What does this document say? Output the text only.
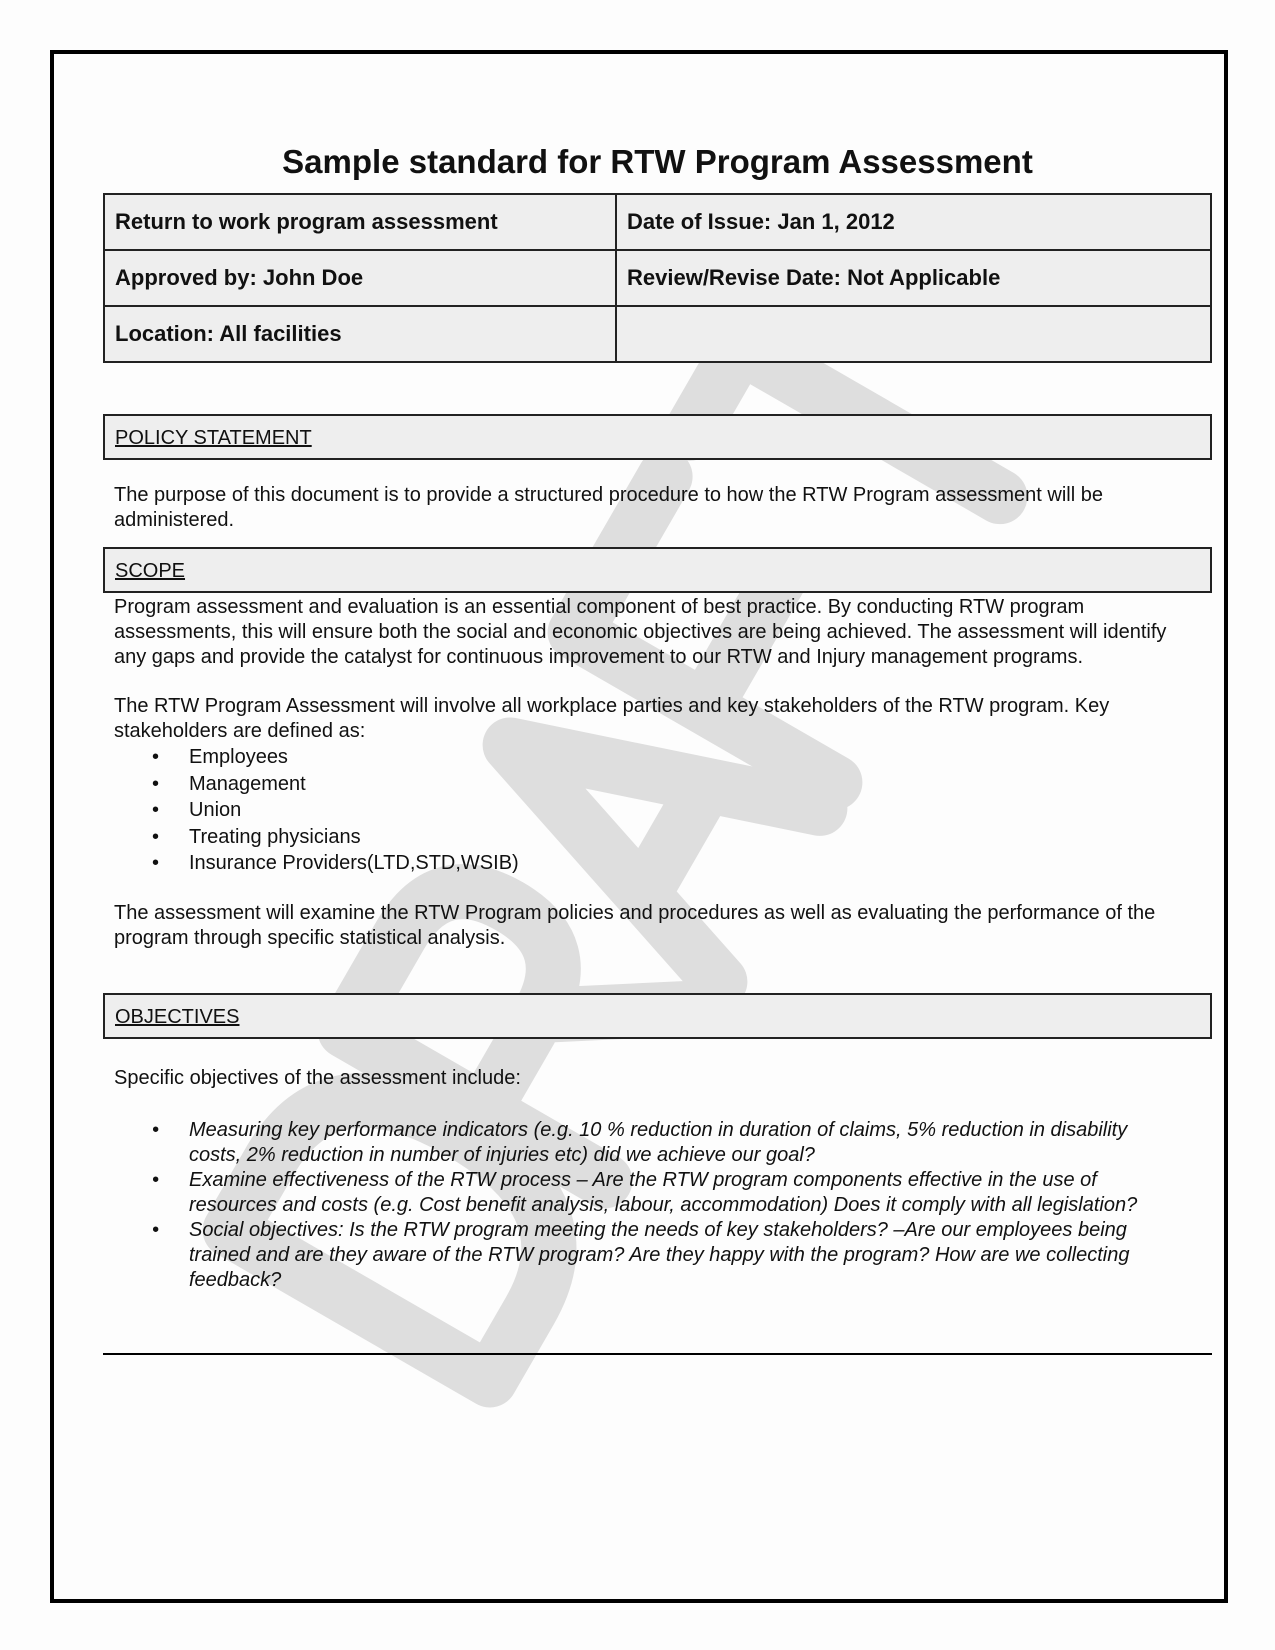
Sample standard for RTW Program Assessment
Return to work program assessment	Date of Issue: Jan 1, 2012
Approved by: John Doe	Review/Revise Date: Not Applicable
Location: All facilities	
POLICY STATEMENT
The purpose of this document is to provide a structured procedure to how the RTW Program assessment will be administered.
SCOPE
Program assessment and evaluation is an essential component of best practice. By conducting RTW program assessments, this will ensure both the social and economic objectives are being achieved. The assessment will identify any gaps and provide the catalyst for continuous improvement to our RTW and Injury management programs.
The RTW Program Assessment will involve all workplace parties and key stakeholders of the RTW program. Key stakeholders are defined as:
• Employees
• Management
• Union
• Treating physicians
• Insurance Providers(LTD,STD,WSIB)
The assessment will examine the RTW Program policies and procedures as well as evaluating the performance of the program through specific statistical analysis.
OBJECTIVES
Specific objectives of the assessment include:
• Measuring key performance indicators (e.g. 10 % reduction in duration of claims, 5% reduction in disability costs, 2% reduction in number of injuries etc) did we achieve our goal?
• Examine effectiveness of the RTW process – Are the RTW program components effective in the use of resources and costs (e.g. Cost benefit analysis, labour, accommodation) Does it comply with all legislation?
• Social objectives: Is the RTW program meeting the needs of key stakeholders? –Are our employees being trained and are they aware of the RTW program? Are they happy with the program? How are we collecting feedback?
